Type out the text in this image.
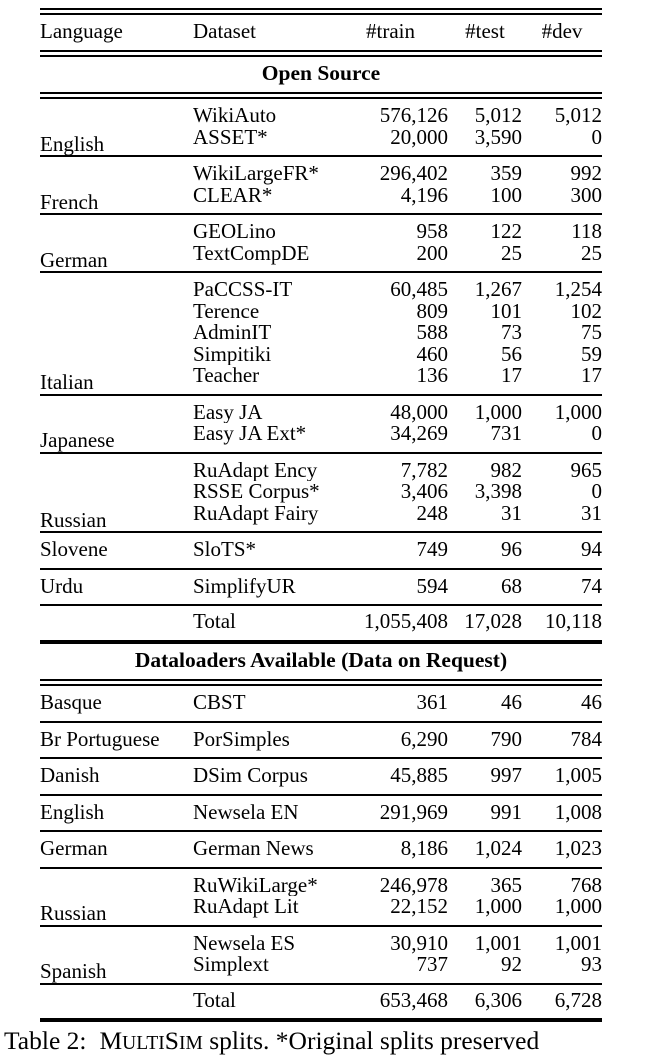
Language	Dataset	#train	#test	#dev

Open Source				

English	WikiAuto	576,126	5,012	5,012
	ASSET*	20,000	3,590	0

French	WikiLargeFR*	296,402	359	992
	CLEAR*	4,196	100	300

German	GEOLino	958	122	118
	TextCompDE	200	25	25

Italian	PaCCSS-IT	60,485	1,267	1,254
	Terence	809	101	102
	AdminIT	588	73	75
	Simpitiki	460	56	59
	Teacher	136	17	17

Japanese	Easy JA	48,000	1,000	1,000
	Easy JA Ext*	34,269	731	0

Russian	RuAdapt Ency	7,782	982	965
	RSSE Corpus*	3,406	3,398	0
	RuAdapt Fairy	248	31	31

Slovene	SloTS*	749	96	94

Urdu	SimplifyUR	594	68	74

	Total	1,055,408	17,028	10,118

Dataloaders Available (Data on Request)				

Basque	CBST	361	46	46

Br Portuguese	PorSimples	6,290	790	784

Danish	DSim Corpus	45,885	997	1,005

English	Newsela EN	291,969	991	1,008

German	German News	8,186	1,024	1,023

Russian	RuWikiLarge*	246,978	365	768
	RuAdapt Lit	22,152	1,000	1,000

Spanish	Newsela ES	30,910	1,001	1,001
	Simplext	737	92	93

	Total	653,468	6,306	6,728

Table 2: MULTISIM splits. *Original splits preserved
